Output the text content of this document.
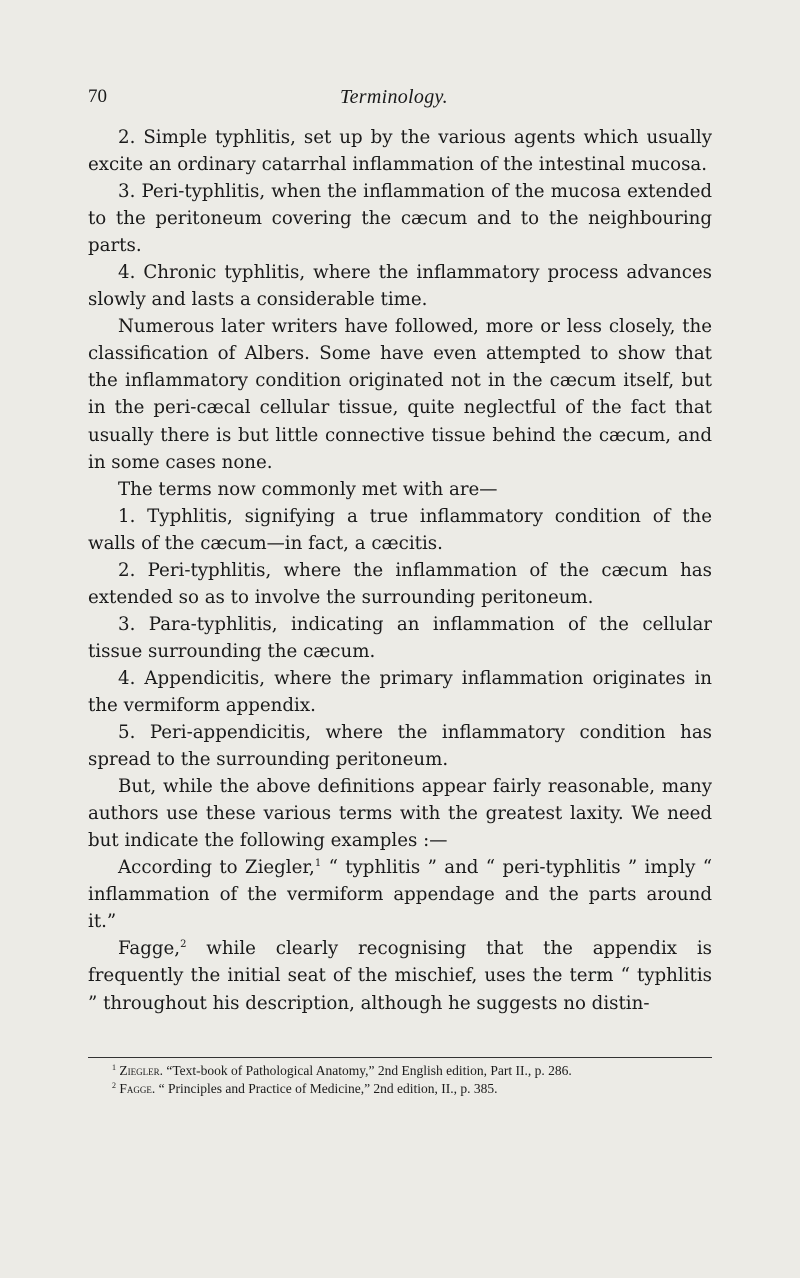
70	Terminology.

2. Simple typhlitis, set up by the various agents which usually excite an ordinary catarrhal inflammation of the intestinal mucosa.

3. Peri-typhlitis, when the inflammation of the mucosa extended to the peritoneum covering the cæcum and to the neighbouring parts.

4. Chronic typhlitis, where the inflammatory process advances slowly and lasts a considerable time.

Numerous later writers have followed, more or less closely, the classification of Albers. Some have even attempted to show that the inflammatory condition originated not in the cæcum itself, but in the peri-cæcal cellular tissue, quite neglectful of the fact that usually there is but little connective tissue behind the cæcum, and in some cases none.

The terms now commonly met with are—

1. Typhlitis, signifying a true inflammatory condition of the walls of the cæcum—in fact, a cæcitis.

2. Peri-typhlitis, where the inflammation of the cæcum has extended so as to involve the surrounding peritoneum.

3. Para-typhlitis, indicating an inflammation of the cellular tissue surrounding the cæcum.

4. Appendicitis, where the primary inflammation originates in the vermiform appendix.

5. Peri-appendicitis, where the inflammatory condition has spread to the surrounding peritoneum.

But, while the above definitions appear fairly reasonable, many authors use these various terms with the greatest laxity. We need but indicate the following examples :—

According to Ziegler,$^1$ “ typhlitis ” and “ peri-typhlitis ” imply “ inflammation of the vermiform appendage and the parts around it.”

Fagge,$^2$ while clearly recognising that the appendix is frequently the initial seat of the mischief, uses the term “ typhlitis ” throughout his description, although he suggests no distin-

$^1$ Ziegler. “Text-book of Pathological Anatomy,” 2nd English edition, Part II., p. 286.

$^2$ Fagge. “ Principles and Practice of Medicine,” 2nd edition, II., p. 385.
